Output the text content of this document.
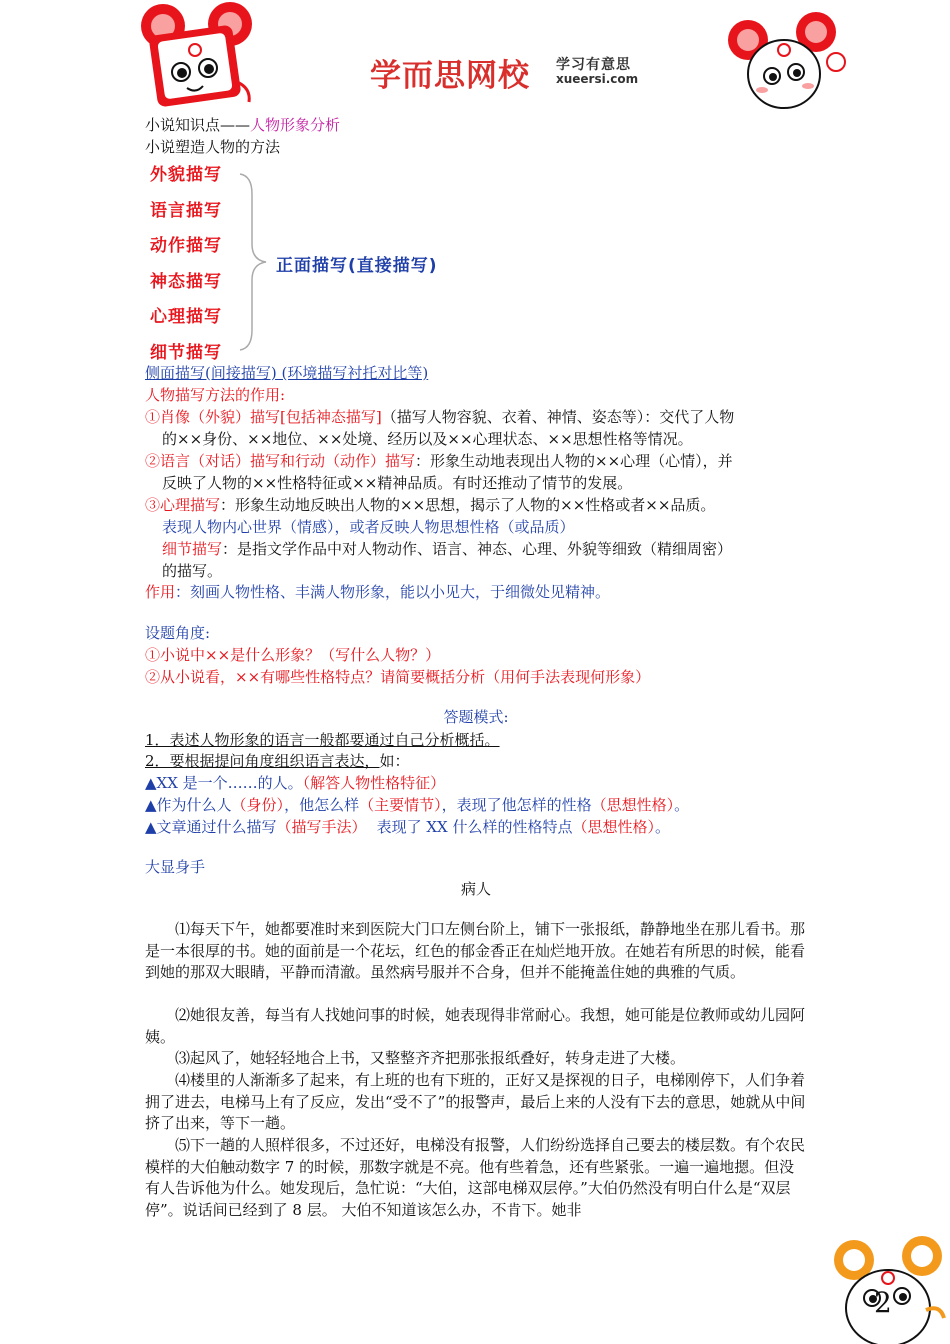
学而思网校 学习有意思
xueersi.com
小说知识点——人物形象分析
小说塑造人物的方法
外貌描写
语言描写
动作描写
神态描写
心理描写
细节描写
正面描写(直接描写)
侧面描写(间接描写) (环境描写衬托对比等)
人物描写方法的作用:
①肖像（外貌）描写[包括神态描写]（描写人物容貌、衣着、神情、姿态等）：交代了人物
的××身份、××地位、××处境、经历以及××心理状态、××思想性格等情况。
②语言（对话）描写和行动（动作）描写：形象生动地表现出人物的××心理（心情），并
反映了人物的××性格特征或××精神品质。有时还推动了情节的发展。
③心理描写：形象生动地反映出人物的××思想，揭示了人物的××性格或者××品质。
表现人物内心世界（情感），或者反映人物思想性格（或品质）
细节描写：是指文学作品中对人物动作、语言、神态、心理、外貌等细致（精细周密）
的描写。
作用：刻画人物性格、丰满人物形象，能以小见大，于细微处见精神。
设题角度:
①小说中××是什么形象？（写什么人物？）
②从小说看，××有哪些性格特点？请简要概括分析（用何手法表现何形象）
答题模式:
1．表述人物形象的语言一般都要通过自己分析概括。
2．要根据提问角度组织语言表达，如：
▲XX 是一个……的人。（解答人物性格特征）
▲作为什么人（身份），他怎么样（主要情节），表现了他怎样的性格（思想性格）。
▲文章通过什么描写（描写手法） 表现了 XX 什么样的性格特点（思想性格）。
大显身手
病人
⑴每天下午，她都要准时来到医院大门口左侧台阶上，铺下一张报纸，静静地坐在那儿看书。那是一本很厚的书。她的面前是一个花坛，红色的郁金香正在灿烂地开放。在她若有所思的时候，能看到她的那双大眼睛，平静而清澈。虽然病号服并不合身，但并不能掩盖住她的典雅的气质。
⑵她很友善，每当有人找她问事的时候，她表现得非常耐心。我想，她可能是位教师或幼儿园阿姨。
⑶起风了，她轻轻地合上书，又整整齐齐把那张报纸叠好，转身走进了大楼。
⑷楼里的人渐渐多了起来，有上班的也有下班的，正好又是探视的日子，电梯刚停下，人们争着拥了进去，电梯马上有了反应，发出“受不了”的报警声，最后上来的人没有下去的意思，她就从中间挤了出来，等下一趟。
⑸下一趟的人照样很多，不过还好，电梯没有报警，人们纷纷选择自己要去的楼层数。有个农民模样的大伯触动数字 7 的时候，那数字就是不亮。他有些着急，还有些紧张。一遍一遍地摁。但没有人告诉他为什么。她发现后，急忙说：“大伯，这部电梯双层停。”大伯仍然没有明白什么是“双层停”。说话间已经到了 8 层。 大伯不知道该怎么办，不肯下。她非
2
